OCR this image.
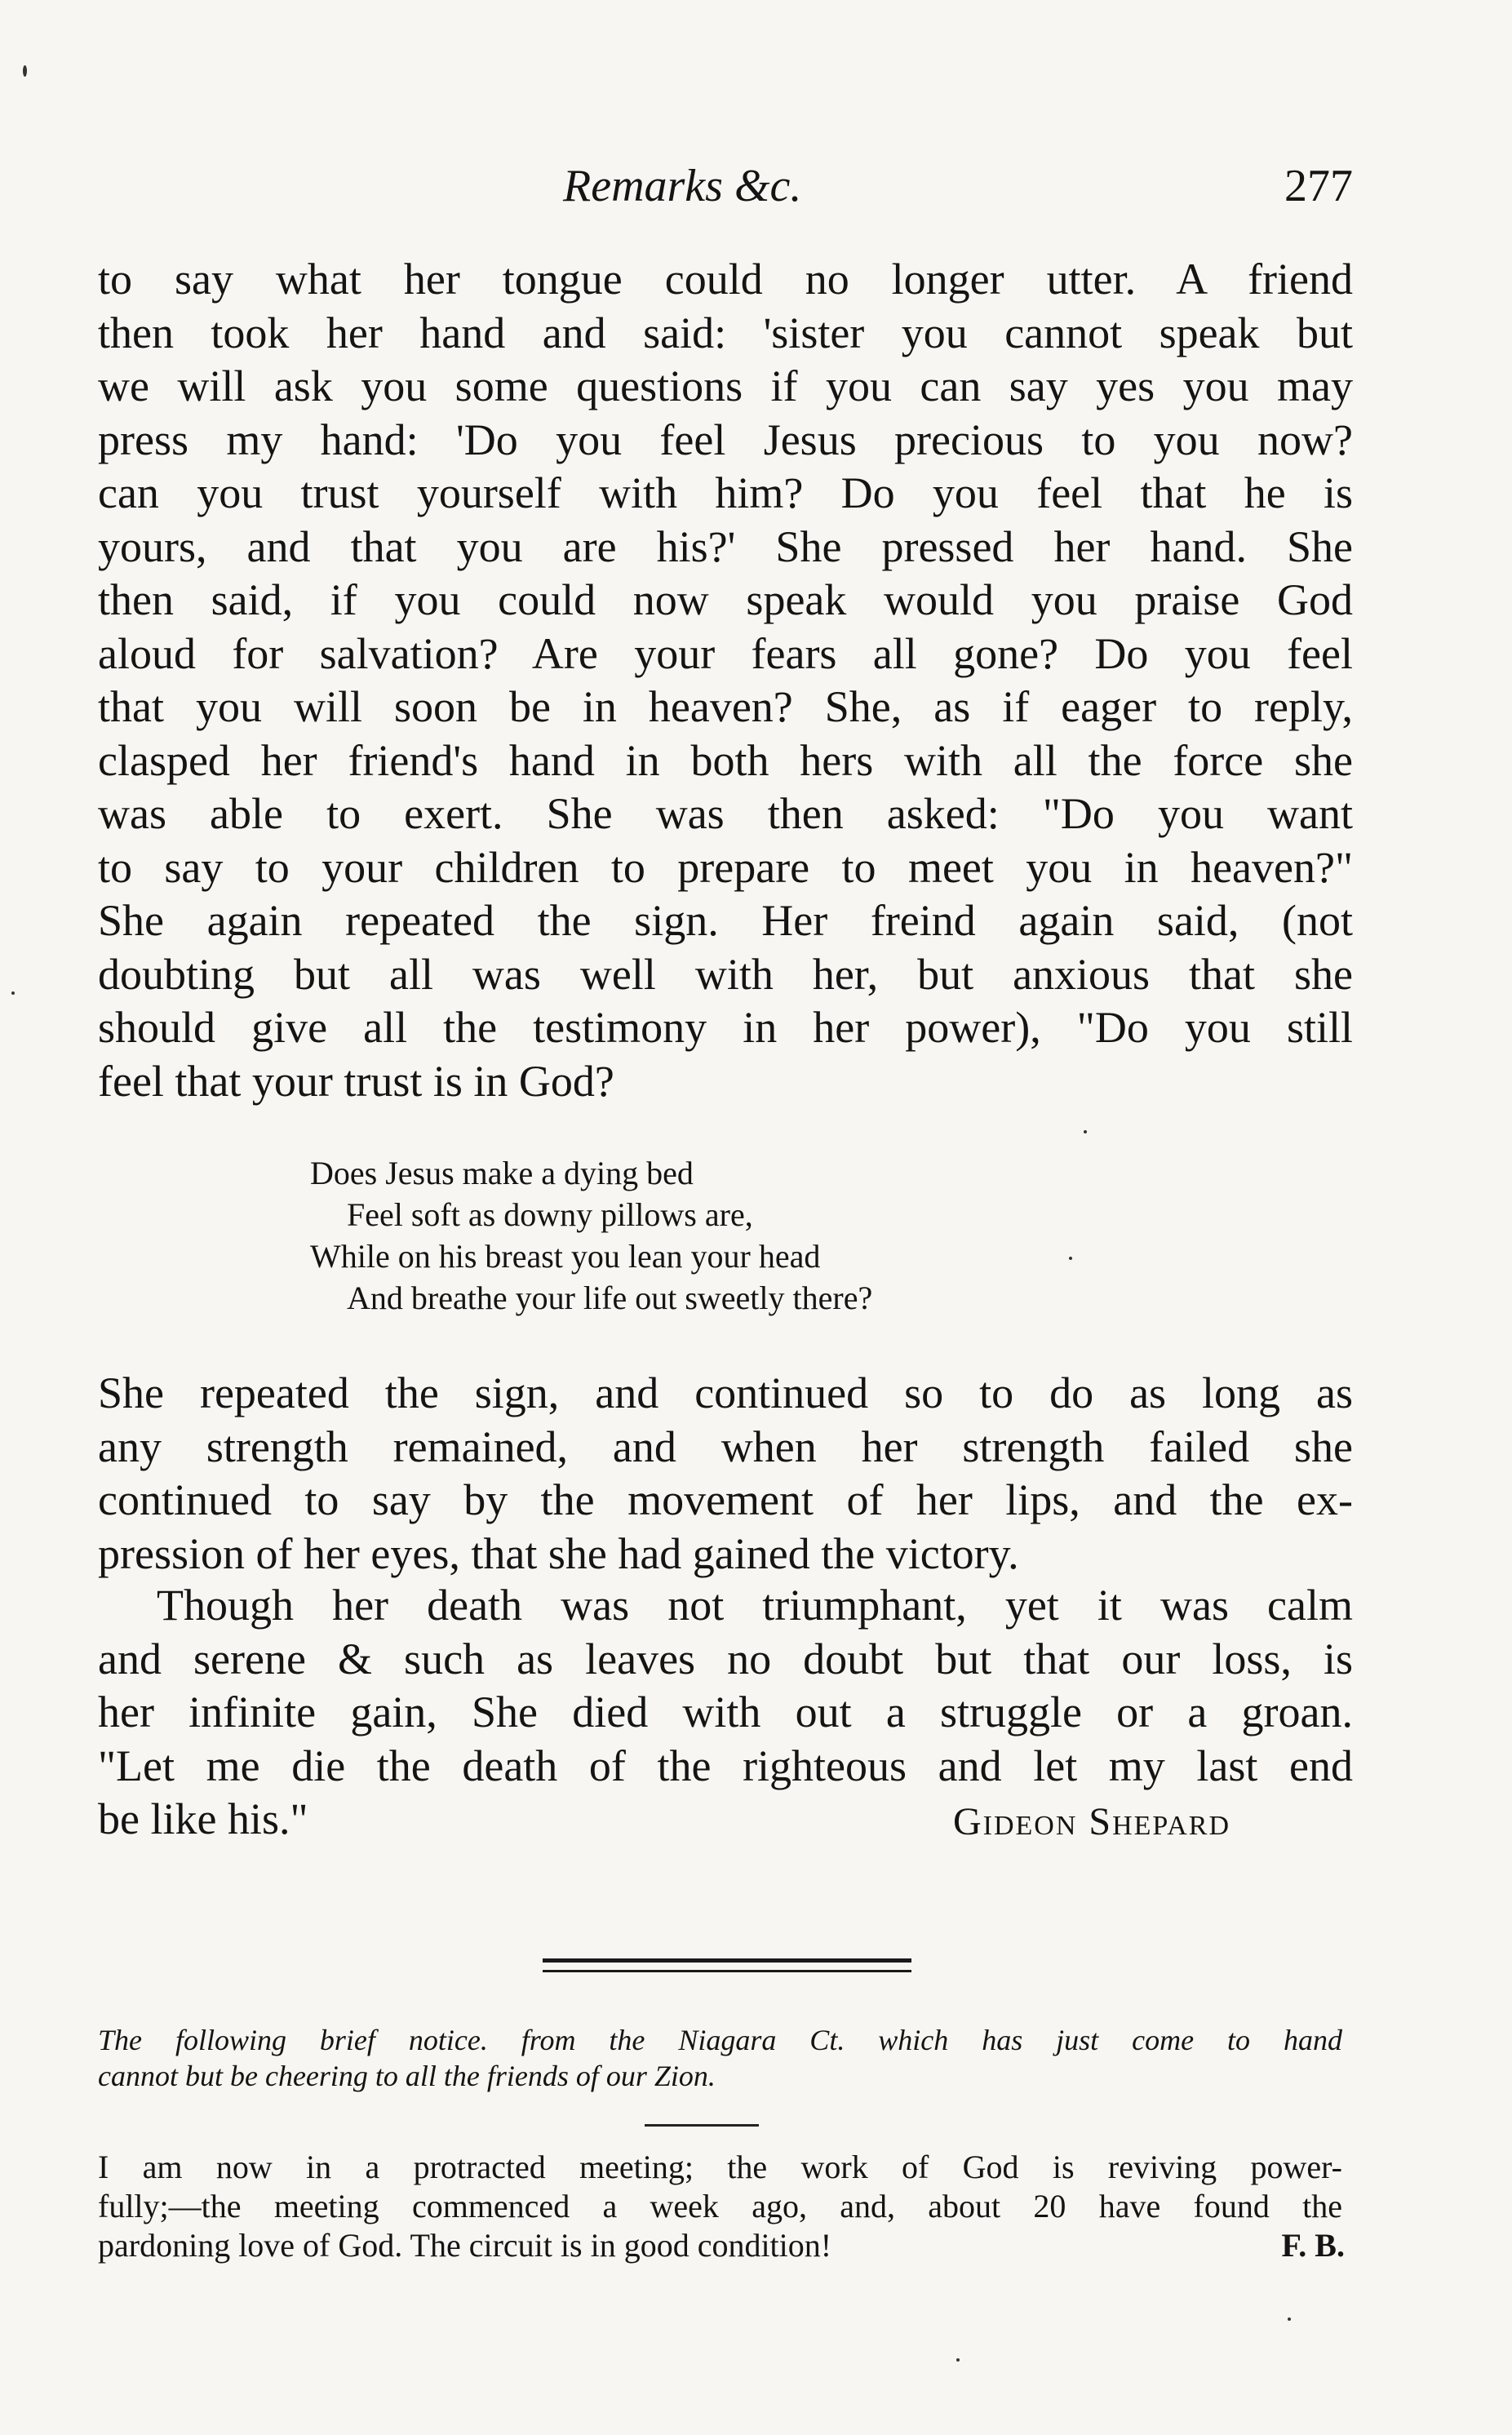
Remarks &c.	277
to say what her tongue could no longer utter. A friend
then took her hand and said: 'sister you cannot speak but
we will ask you some questions if you can say yes you may
press my hand: 'Do you feel Jesus precious to you now?
can you trust yourself with him? Do you feel that he is
yours, and that you are his?' She pressed her hand. She
then said, if you could now speak would you praise God
aloud for salvation? Are your fears all gone? Do you feel
that you will soon be in heaven? She, as if eager to reply,
clasped her friend's hand in both hers with all the force she
was able to exert. She was then asked: "Do you want
to say to your children to prepare to meet you in heaven?"
She again repeated the sign. Her freind again said, (not
doubting but all was well with her, but anxious that she
should give all the testimony in her power), "Do you still
feel that your trust is in God?
Does Jesus make a dying bed
Feel soft as downy pillows are,
While on his breast you lean your head
And breathe your life out sweetly there?
She repeated the sign, and continued so to do as long as
any strength remained, and when her strength failed she
continued to say by the movement of her lips, and the ex-
pression of her eyes, that she had gained the victory.
Though her death was not triumphant, yet it was calm
and serene & such as leaves no doubt but that our loss, is
her infinite gain, She died with out a struggle or a groan.
"Let me die the death of the righteous and let my last end
be like his."	Gideon Shepard
The following brief notice. from the Niagara Ct. which has just come to hand
cannot but be cheering to all the friends of our Zion.
I am now in a protracted meeting; the work of God is reviving power-
fully;—the meeting commenced a week ago, and, about 20 have found the
pardoning love of God. The circuit is in good condition!	F. B.
